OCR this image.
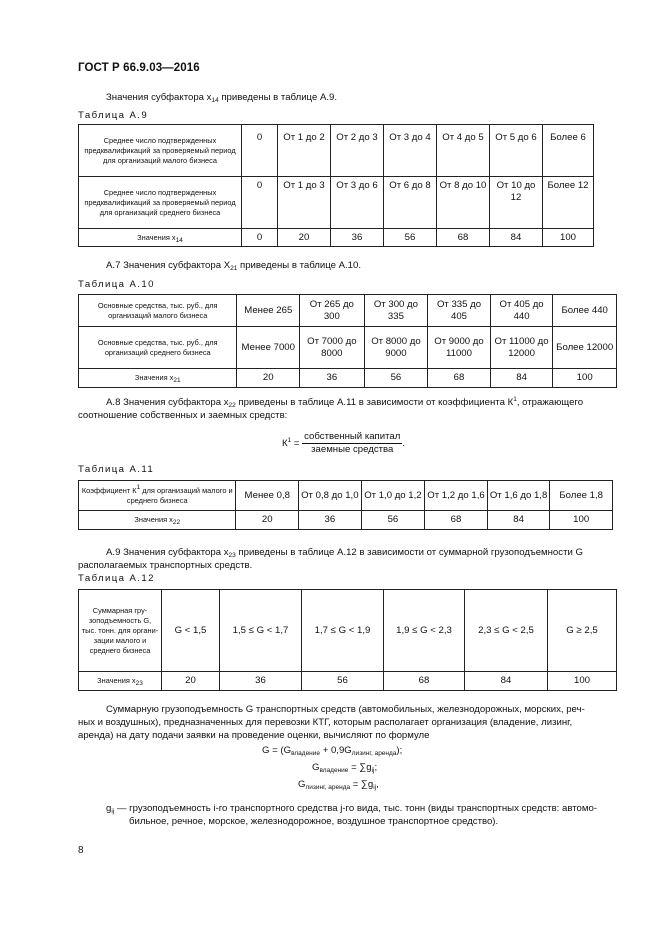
ГОСТ Р 66.9.03—2016
Значения субфактора $x_{14}$ приведены в таблице А.9.
Таблица А.9
Среднее число подтвержденных предквалификаций за проверяемый период для организаций малого бизнеса	0	От 1 до 2	От 2 до 3	От 3 до 4	От 4 до 5	От 5 до 6	Более 6
Среднее число подтвержденных предквалификаций за проверяемый период для организаций среднего бизнеса	0	От 1 до 3	От 3 до 6	От 6 до 8	От 8 до 10	От 10 до 12	Более 12
Значения $x_{14}$	0	20	36	56	68	84	100
А.7 Значения субфактора $X_{21}$ приведены в таблице А.10.
Таблица А.10
Основные средства, тыс. руб., для организаций малого бизнеса	Менее 265	От 265 до 300	От 300 до 335	От 335 до 405	От 405 до 440	Более 440
Основные средства, тыс. руб., для организаций среднего бизнеса	Менее 7000	От 7000 до 8000	От 8000 до 9000	От 9000 до 11000	От 11000 до 12000	Более 12000
Значения $x_{21}$	20	36	56	68	84	100
А.8 Значения субфактора $x_{22}$ приведены в таблице А.11 в зависимости от коэффициента $К^1$, отражающего
соотношение собственных и заемных средств:
$К^1 = \frac{\text{собственный капитал}}{\text{заемные средства}}$ .
Таблица А.11
Коэффициент $К^1$ для организаций малого и среднего бизнеса	Менее 0,8	От 0,8 до 1,0	От 1,0 до 1,2	От 1,2 до 1,6	От 1,6 до 1,8	Более 1,8
Значения $x_{22}$	20	36	56	68	84	100
А.9 Значения субфактора $x_{23}$ приведены в таблице А.12 в зависимости от суммарной грузоподъемности G
располагаемых транспортных средств.
Таблица А.12
Суммарная гру-зоподъемность G, тыс. тонн. для органи-зации малого и среднего бизнеса	G < 1,5	1,5 ≤ G < 1,7	1,7 ≤ G < 1,9	1,9 ≤ G < 2,3	2,3 ≤ G < 2,5	G ≥ 2,5
Значения $x_{23}$	20	36	56	68	84	100
Суммарную грузоподъемность G транспортных средств (автомобильных, железнодорожных, морских, реч-
ных и воздушных), предназначенных для перевозки КТГ, которым располагает организация (владение, лизинг,
аренда) на дату подачи заявки на проведение оценки, вычисляют по формуле
$G = (G_{владение} + 0,9G_{лизинг, аренда})$;
$G_{владение} = \sum g_{ij}$;
$G_{лизинг, аренда} = \sum g_{ij}$,
$g_{ij}$ — грузоподъемность i-го транспортного средства j-го вида, тыс. тонн (виды транспортных средств: автомо-
бильное, речное, морское, железнодорожное, воздушное транспортное средство).
8
